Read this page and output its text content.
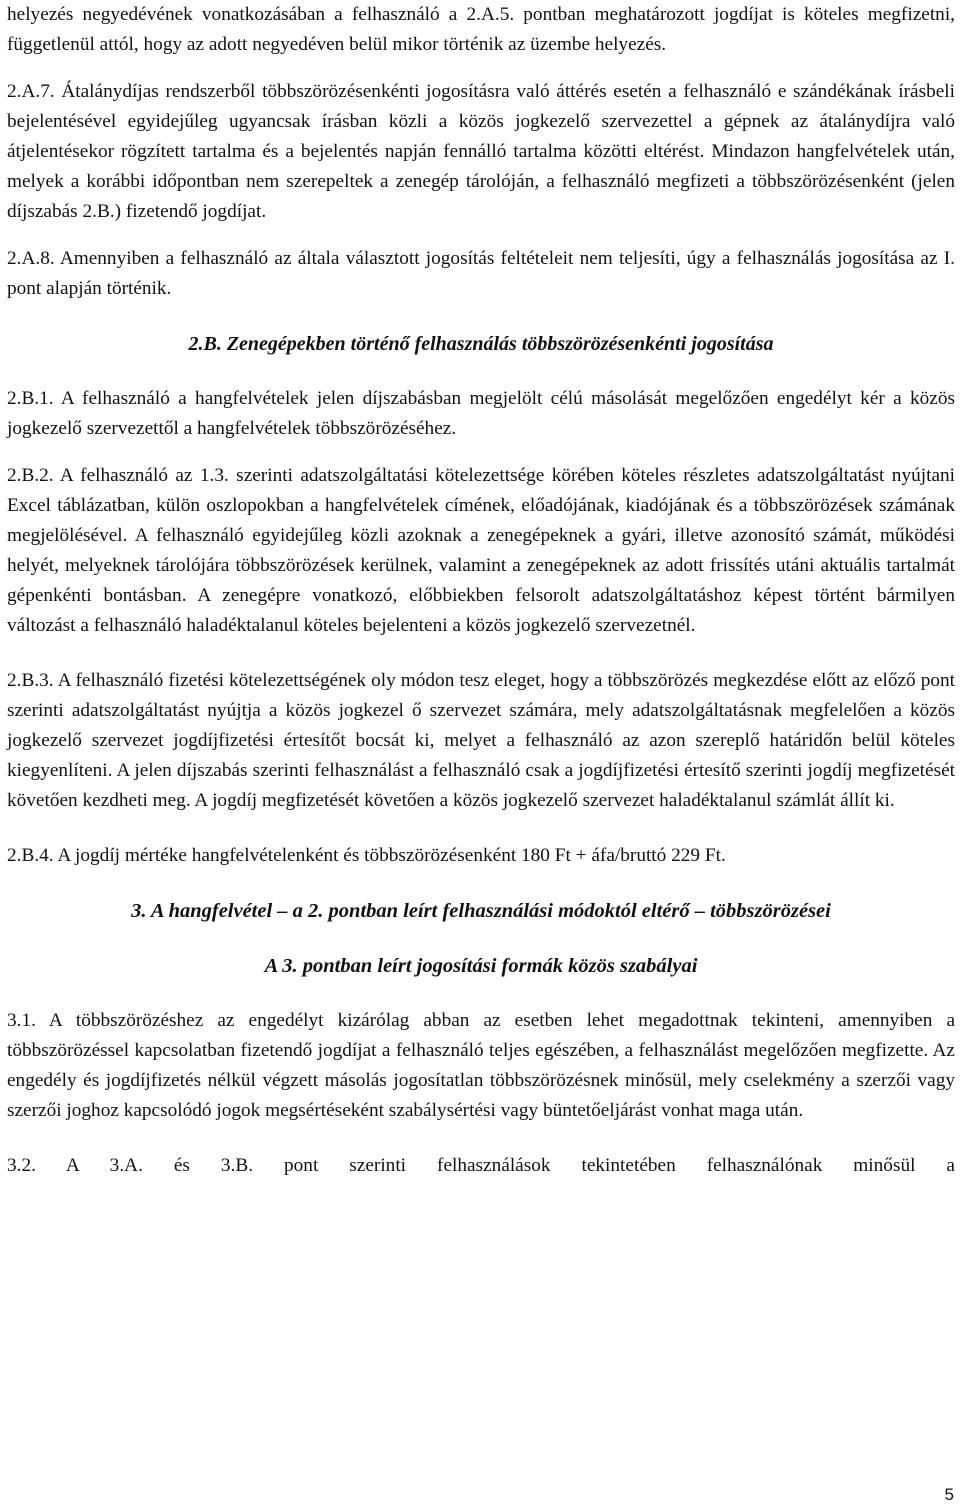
helyezés negyedévének vonatkozásában a felhasználó a 2.A.5. pontban meghatározott jogdíjat is köteles megfizetni, függetlenül attól, hogy az adott negyedéven belül mikor történik az üzembe helyezés.

2.A.7. Átalánydíjas rendszerből többszörözésenkénti jogosításra való áttérés esetén a felhasználó e szándékának írásbeli bejelentésével egyidejűleg ugyancsak írásban közli a közös jogkezelő szervezettel a gépnek az átalánydíjra való átjelentésekor rögzített tartalma és a bejelentés napján fennálló tartalma közötti eltérést. Mindazon hangfelvételek után, melyek a korábbi időpontban nem szerepeltek a zenegép tárolóján, a felhasználó megfizeti a többszörözésenként (jelen díjszabás 2.B.) fizetendő jogdíjat.

2.A.8. Amennyiben a felhasználó az általa választott jogosítás feltételeit nem teljesíti, úgy a felhasználás jogosítása az I. pont alapján történik.

2.B. Zenegépekben történő felhasználás többszörözésenkénti jogosítása

2.B.1. A felhasználó a hangfelvételek jelen díjszabásban megjelölt célú másolását megelőzően engedélyt kér a közös jogkezelő szervezettől a hangfelvételek többszörözéséhez.

2.B.2. A felhasználó az 1.3. szerinti adatszolgáltatási kötelezettsége körében köteles részletes adatszolgáltatást nyújtani Excel táblázatban, külön oszlopokban a hangfelvételek címének, előadójának, kiadójának és a többszörözések számának megjelölésével. A felhasználó egyidejűleg közli azoknak a zenegépeknek a gyári, illetve azonosító számát, működési helyét, melyeknek tárolójára többszörözések kerülnek, valamint a zenegépeknek az adott frissítés utáni aktuális tartalmát gépenkénti bontásban. A zenegépre vonatkozó, előbbiekben felsorolt adatszolgáltatáshoz képest történt bármilyen változást a felhasználó haladéktalanul köteles bejelenteni a közös jogkezelő szervezetnél.

2.B.3. A felhasználó fizetési kötelezettségének oly módon tesz eleget, hogy a többszörözés megkezdése előtt az előző pont szerinti adatszolgáltatást nyújtja a közös jogkezel ő szervezet számára, mely adatszolgáltatásnak megfelelően a közös jogkezelő szervezet jogdíjfizetési értesítőt bocsát ki, melyet a felhasználó az azon szereplő határidőn belül köteles kiegyenlíteni. A jelen díjszabás szerinti felhasználást a felhasználó csak a jogdíjfizetési értesítő szerinti jogdíj megfizetését követően kezdheti meg. A jogdíj megfizetését követően a közös jogkezelő szervezet haladéktalanul számlát állít ki.

2.B.4. A jogdíj mértéke hangfelvételenként és többszörözésenként 180 Ft + áfa/bruttó 229 Ft.

3. A hangfelvétel – a 2. pontban leírt felhasználási módoktól eltérő – többszörözései

A 3. pontban leírt jogosítási formák közös szabályai

3.1. A többszörözéshez az engedélyt kizárólag abban az esetben lehet megadottnak tekinteni, amennyiben a többszörözéssel kapcsolatban fizetendő jogdíjat a felhasználó teljes egészében, a felhasználást megelőzően megfizette. Az engedély és jogdíjfizetés nélkül végzett másolás jogosítatlan többszörözésnek minősül, mely cselekmény a szerzői vagy szerzői joghoz kapcsolódó jogok megsértéseként szabálysértési vagy büntetőeljárást vonhat maga után.

3.2. A 3.A. és 3.B. pont szerinti felhasználások tekintetében felhasználónak minősül a

5
